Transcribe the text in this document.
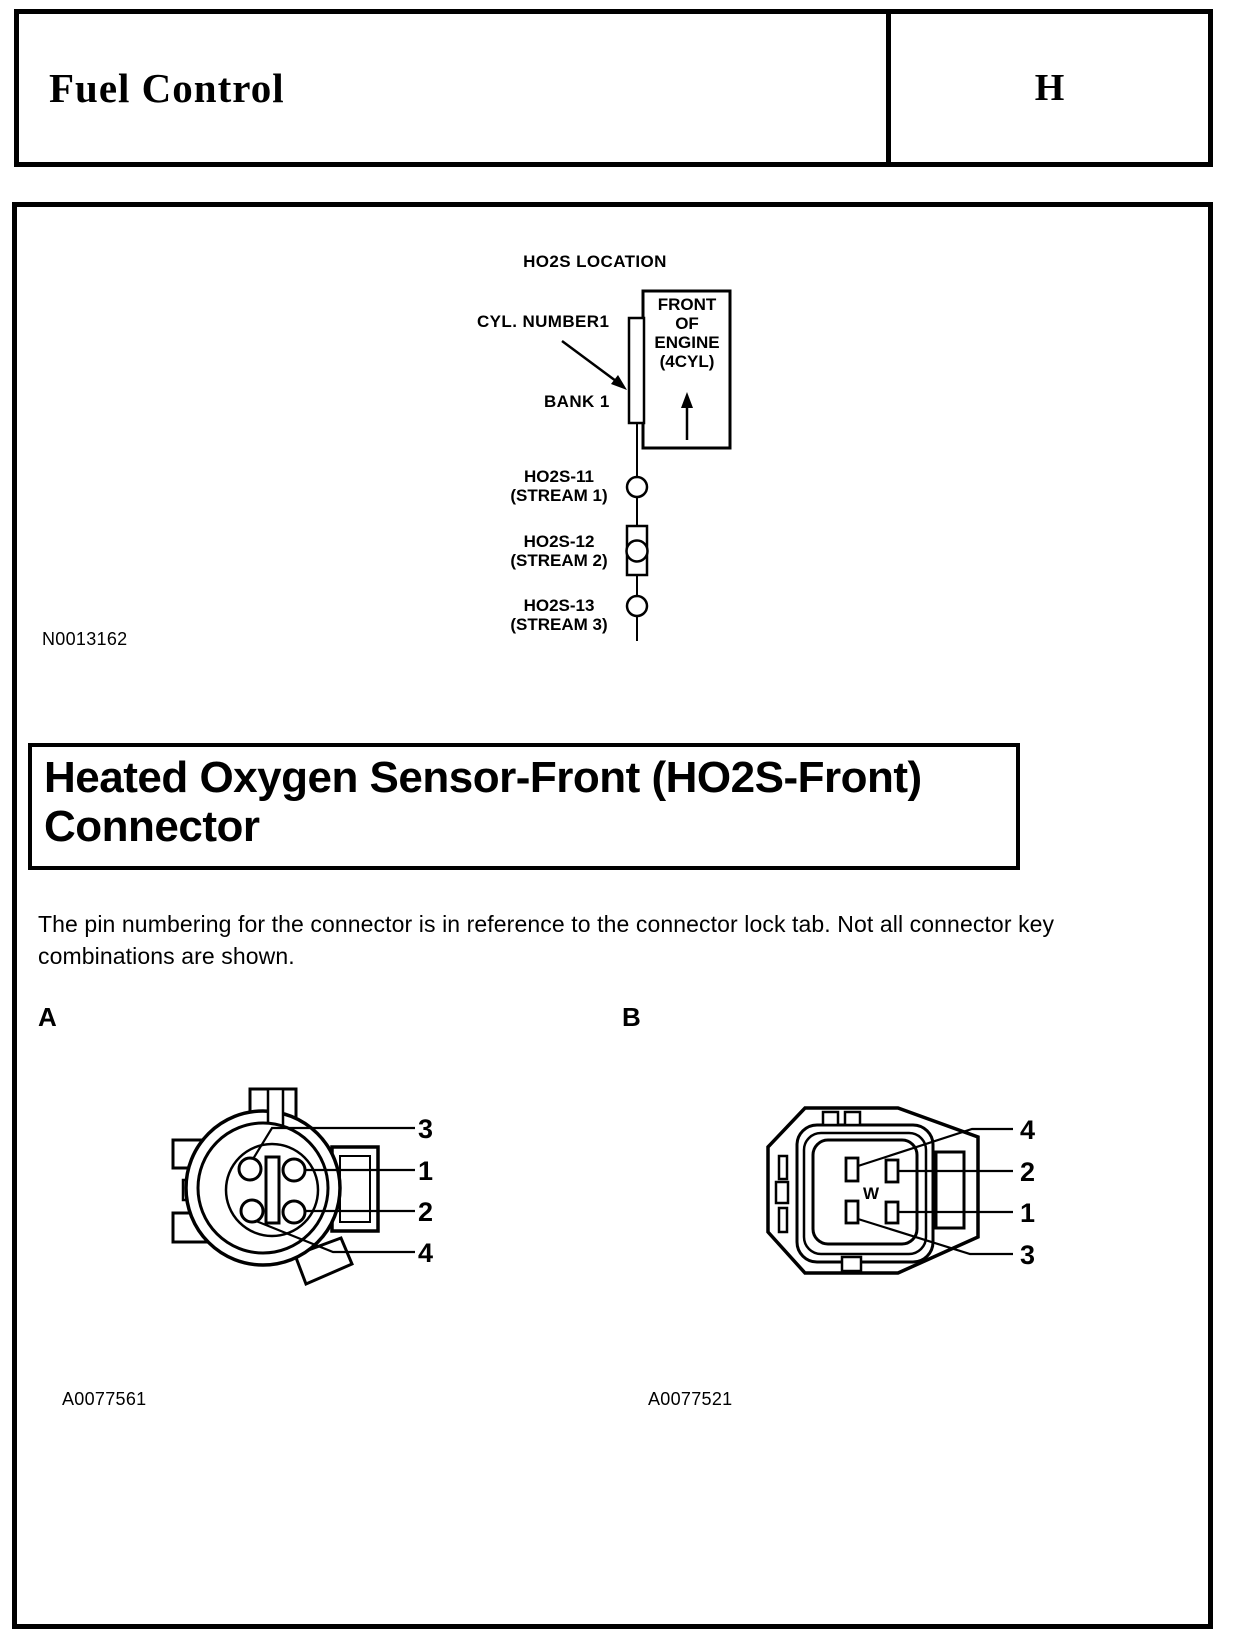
Fuel Control	H
HO2S LOCATION
CYL. NUMBER1
BANK 1
FRONT
OF
ENGINE
(4CYL)
HO2S-11
(STREAM 1)
HO2S-12
(STREAM 2)
HO2S-13
(STREAM 3)
N0013162
Heated Oxygen Sensor-Front (HO2S-Front)
Connector
The pin numbering for the connector is in reference to the connector lock tab. Not all connector key combinations are shown.
A	B
3
1
2
4
W
4
2
1
3
A0077561	A0077521
